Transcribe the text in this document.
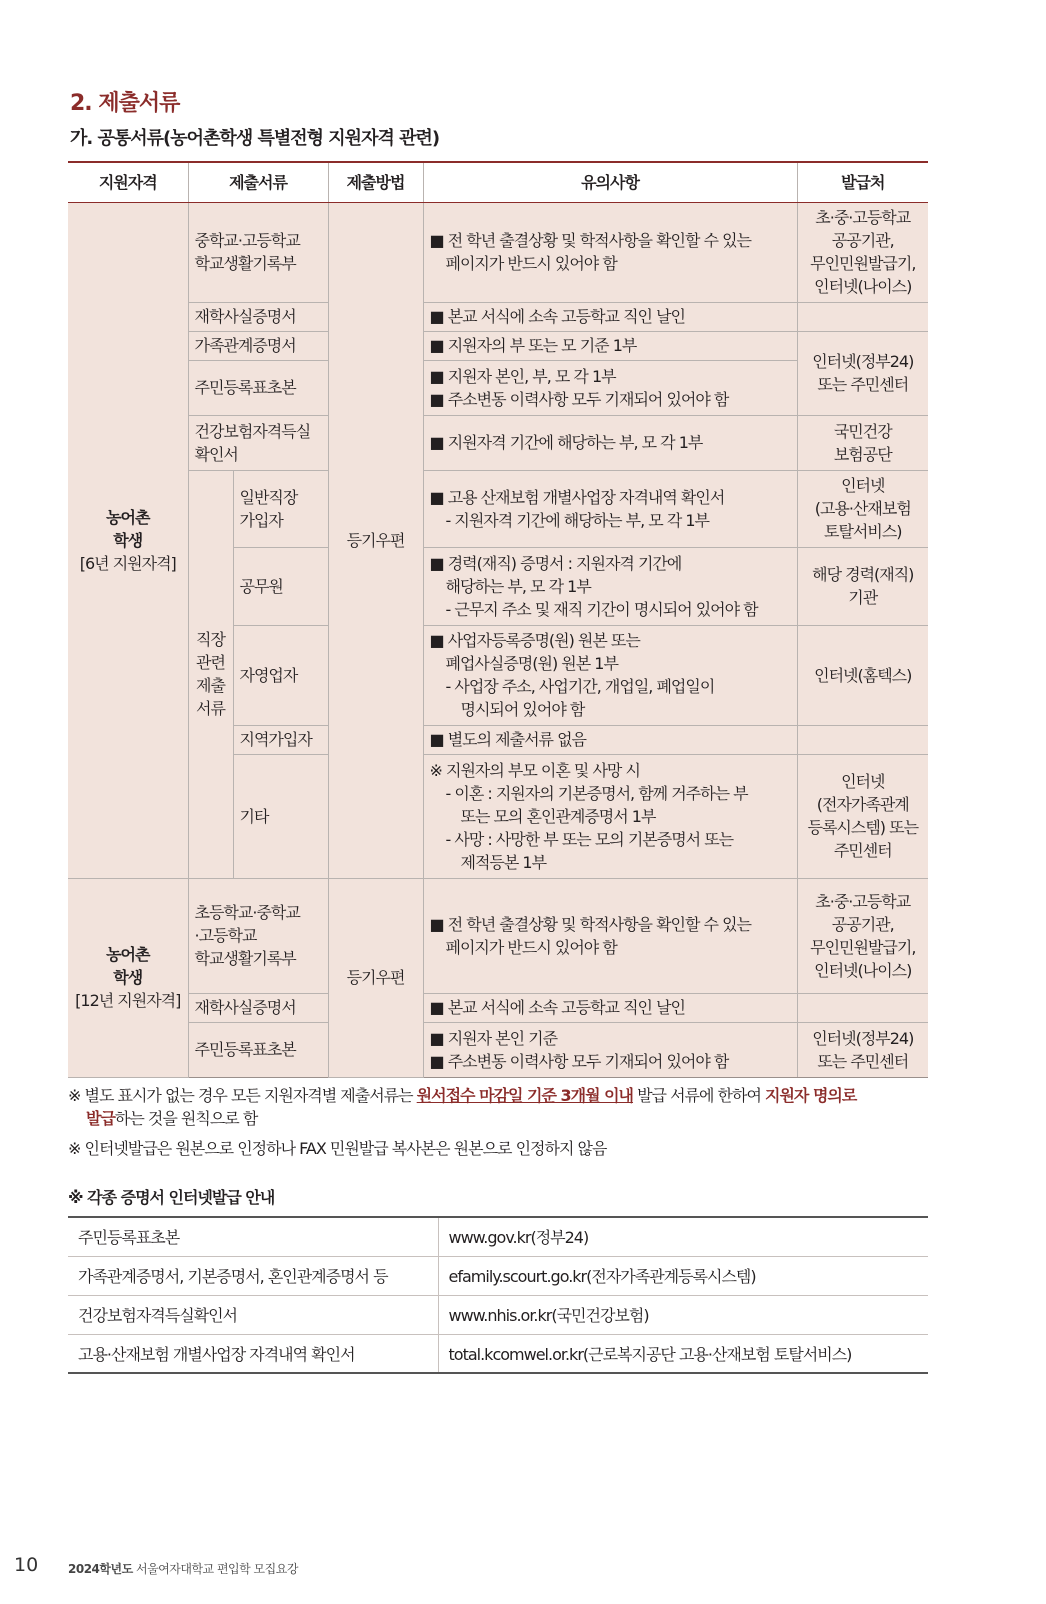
2. 제출서류
가. 공통서류(농어촌학생 특별전형 지원자격 관련)
지원자격	제출서류		제출방법	유의사항	발급처

농어촌
학생
[6년 지원자격]	중학교·고등학교
학교생활기록부		등기우편	■ 전 학년 출결상황 및 학적사항을 확인할 수 있는
페이지가 반드시 있어야 함	초·중·고등학교
공공기관,
무인민원발급기,
인터넷(나이스)

	재학사실증명서			■ 본교 서식에 소속 고등학교 직인 날인	
	가족관계증명서			■ 지원자의 부 또는 모 기준 1부	인터넷(정부24)
또는 주민센터

	주민등록표초본			■ 지원자 본인, 부, 모 각 1부
■ 주소변동 이력사항 모두 기재되어 있어야 함	

	건강보험자격득실
확인서			■ 지원자격 기간에 해당하는 부, 모 각 1부	국민건강
보험공단

	직장
관련
제출
서류	일반직장
가입자		■ 고용 산재보험 개별사업장 자격내역 확인서
- 지원자격 기간에 해당하는 부, 모 각 1부	인터넷
(고용·산재보험
토탈서비스)

		공무원		■ 경력(재직) 증명서 : 지원자격 기간에
해당하는 부, 모 각 1부
- 근무지 주소 및 재직 기간이 명시되어 있어야 함	해당 경력(재직)
기관

		자영업자		■ 사업자등록증명(원) 원본 또는
폐업사실증명(원) 원본 1부
- 사업장 주소, 사업기간, 개업일, 폐업일이
명시되어 있어야 함	인터넷(홈텍스)
		지역가입자		■ 별도의 제출서류 없음	
		기타		※ 지원자의 부모 이혼 및 사망 시
- 이혼 : 지원자의 기본증명서, 함께 거주하는 부
또는 모의 혼인관계증명서 1부
- 사망 : 사망한 부 또는 모의 기본증명서 또는
제적등본 1부	인터넷
(전자가족관계
등록시스템) 또는
주민센터

농어촌
학생
[12년 지원자격]	초등학교·중학교
·고등학교
학교생활기록부		등기우편	■ 전 학년 출결상황 및 학적사항을 확인할 수 있는
페이지가 반드시 있어야 함	초·중·고등학교
공공기관,
무인민원발급기,
인터넷(나이스)

	재학사실증명서			■ 본교 서식에 소속 고등학교 직인 날인	
	주민등록표초본			■ 지원자 본인 기준
■ 주소변동 이력사항 모두 기재되어 있어야 함	인터넷(정부24)
또는 주민센터
※ 별도 표시가 없는 경우 모든 지원자격별 제출서류는 원서접수 마감일 기준 3개월 이내 발급 서류에 한하여 지원자 명의로
발급하는 것을 원칙으로 함
※ 인터넷발급은 원본으로 인정하나 FAX 민원발급 복사본은 원본으로 인정하지 않음
※ 각종 증명서 인터넷발급 안내
주민등록표초본	www.gov.kr(정부24)
가족관계증명서, 기본증명서, 혼인관계증명서 등	efamily.scourt.go.kr(전자가족관계등록시스템)
건강보험자격득실확인서	www.nhis.or.kr(국민건강보험)
고용·산재보험 개별사업장 자격내역 확인서	total.kcomwel.or.kr(근로복지공단 고용·산재보험 토탈서비스)
10 2024학년도 서울여자대학교 편입학 모집요강
